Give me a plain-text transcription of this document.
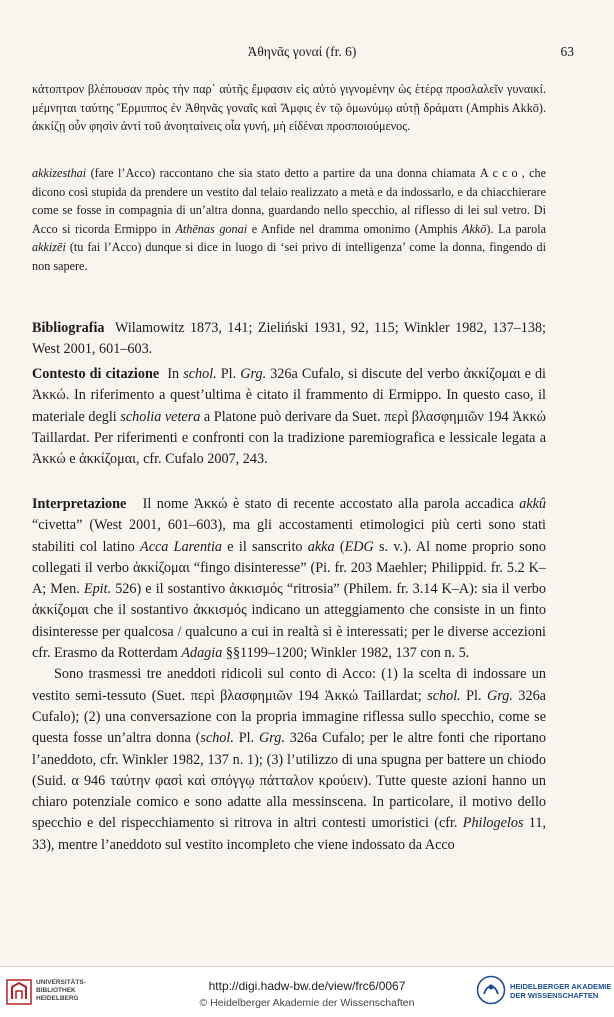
Ἀθηνᾶς γοναί (fr. 6)	63

κάτοπτρον βλέπουσαν πρὸς τὴν παρ᾽ αὑτῆς ἔμφασιν εἰς αὐτὸ γιγνομένην ὡς ἑτέρᾳ προσλαλεῖν γυναικί. μέμνηται ταύτης Ἕρμιππος ἐν Ἀθηνᾶς γοναῖς καὶ Ἄμφις ἐν τῷ ὁμωνύμῳ αὐτῇ δράματι (Amphis Akkō). ἀκκίζῃ οὖν φησὶν ἀντὶ τοῦ ἀνοηταίνεις οἷα γυνή, μὴ εἰδέναι προσποιούμενος.

akkizesthai (fare l’Acco) raccontano che sia stato detto a partire da una donna chiamata Acco, che dicono così stupida da prendere un vestito dal telaio realizzato a metà e da indossarlo, e da chiacchierare come se fosse in compagnia di un’altra donna, guardando nello specchio, al riflesso di lei sul vetro. Di Acco si ricorda Ermippo in Athēnas gonai e Anfide nel dramma omonimo (Amphis Akkō). La parola akkizēi (tu fai l’Acco) dunque si dice in luogo di ‘sei privo di intelligenza’ come la donna, fingendo di non sapere.

Bibliografia Wilamowitz 1873, 141; Zieliński 1931, 92, 115; Winkler 1982, 137–138; West 2001, 601–603.

Contesto di citazione In schol. Pl. Grg. 326a Cufalo, si discute del verbo ἀκκίζομαι e di Ἀκκώ. In riferimento a quest’ultima è citato il frammento di Ermippo. In questo caso, il materiale degli scholia vetera a Platone può derivare da Suet. περὶ βλασφημιῶν 194 Ἀκκώ Taillardat. Per riferimenti e confronti con la tradizione paremiografica e lessicale legata a Ἀκκώ e ἀκκίζομαι, cfr. Cufalo 2007, 243.

Interpretazione Il nome Ἀκκώ è stato di recente accostato alla parola accadica akkû “civetta” (West 2001, 601–603), ma gli accostamenti etimologici più certi sono stati stabiliti col latino Acca Larentia e il sanscrito akka (EDG s. v.). Al nome proprio sono collegati il verbo ἀκκίζομαι “fingo disinteresse” (Pi. fr. 203 Maehler; Philippid. fr. 5.2 K–A; Men. Epit. 526) e il sostantivo ἀκκισμός “ritrosia” (Philem. fr. 3.14 K–A): sia il verbo ἀκκίζομαι che il sostantivo ἀκκισμός indicano un atteggiamento che consiste in un finto disinteresse per qualcosa / qualcuno a cui in realtà si è interessati; per le diverse accezioni cfr. Erasmo da Rotterdam Adagia §§1199–1200; Winkler 1982, 137 con n. 5.

Sono trasmessi tre aneddoti ridicoli sul conto di Acco: (1) la scelta di indossare un vestito semi-tessuto (Suet. περὶ βλασφημιῶν 194 Ἀκκώ Taillardat; schol. Pl. Grg. 326a Cufalo); (2) una conversazione con la propria immagine riflessa sullo specchio, come se questa fosse un’altra donna (schol. Pl. Grg. 326a Cufalo; per le altre fonti che riportano l’aneddoto, cfr. Winkler 1982, 137 n. 1); (3) l’utilizzo di una spugna per battere un chiodo (Suid. α 946 ταύτην φασὶ καὶ σπόγγῳ πάτταλον κρούειν). Tutte queste azioni hanno un chiaro potenziale comico e sono adatte alla messinscena. In particolare, il motivo dello specchio e del rispecchiamento si ritrova in altri contesti umoristici (cfr. Philogelos 11, 33), mentre l’aneddoto sul vestito incompleto che viene indossato da Acco

UNIVERSITÄTS-
BIBLIOTHEK
HEIDELBERG
http://digi.hadw-bw.de/view/frc6/0067
© Heidelberger Akademie der Wissenschaften
HEIDELBERGER AKADEMIE
DER WISSENSCHAFTEN
